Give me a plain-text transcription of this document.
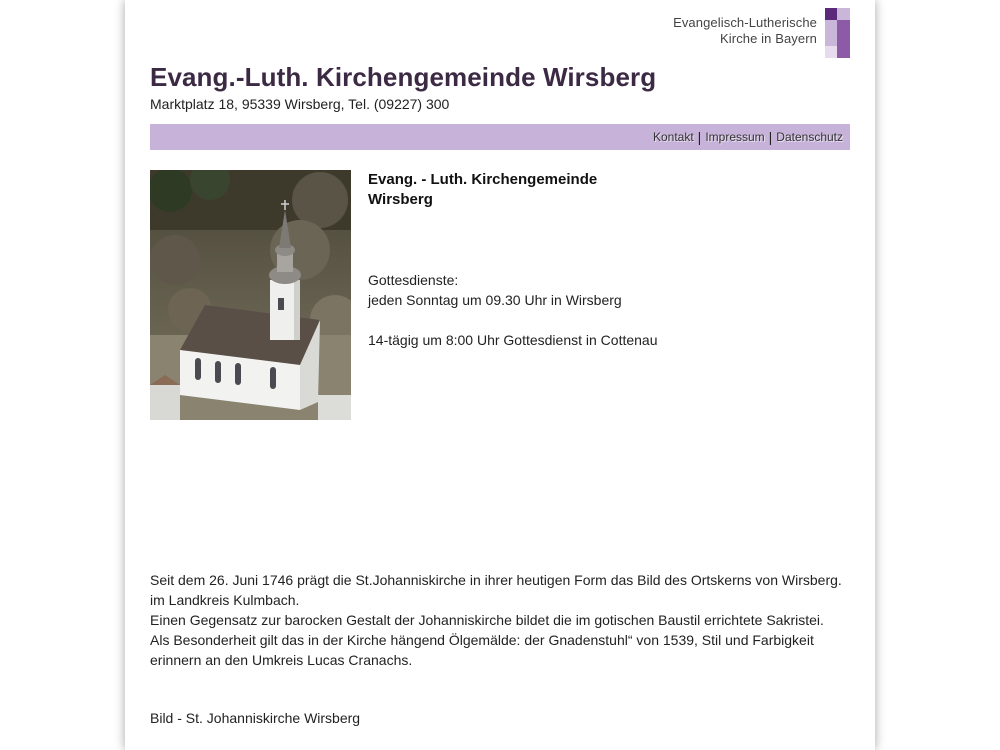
Evangelisch-Lutherische
Kirche in Bayern
Evang.-Luth. Kirchengemeinde Wirsberg
Marktplatz 18, 95339 Wirsberg, Tel. (09227) 300
Kontakt | Impressum | Datenschutz
Evang. - Luth. Kirchengemeinde
Wirsberg

Gottesdienste:

jeden Sonntag um 09.30 Uhr in Wirsberg

14-tägig um 8:00 Uhr Gottesdienst in Cottenau

Seit dem 26. Juni 1746 prägt die St.Johanniskirche in ihrer heutigen Form das Bild des Ortskerns von Wirsberg. im Landkreis Kulmbach.

Einen Gegensatz zur barocken Gestalt der Johanniskirche bildet die im gotischen Baustil errichtete Sakristei.

Als Besonderheit gilt das in der Kirche hängend Ölgemälde: der Gnadenstuhl“ von 1539, Stil und Farbigkeit erinnern an den Umkreis Lucas Cranachs.

Bild - St. Johanniskirche Wirsberg
